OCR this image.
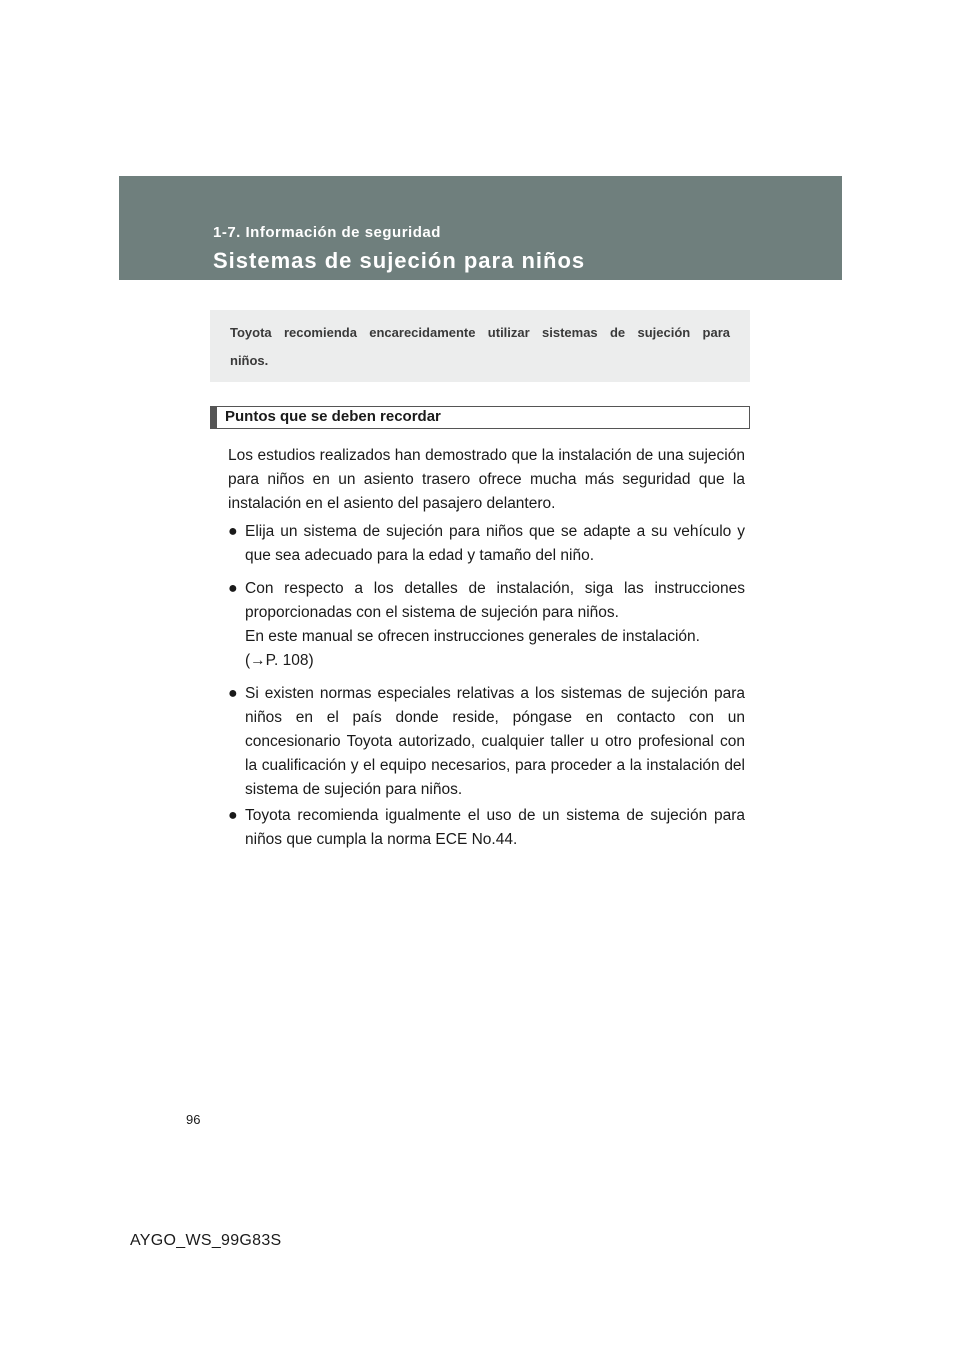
1-7. Información de seguridad
Sistemas de sujeción para niños
Toyota recomienda encarecidamente utilizar sistemas de sujeción para niños.
Puntos que se deben recordar

Los estudios realizados han demostrado que la instalación de una sujeción para niños en un asiento trasero ofrece mucha más seguridad que la instalación en el asiento del pasajero delantero.

● Elija un sistema de sujeción para niños que se adapte a su vehículo y que sea adecuado para la edad y tamaño del niño.
● Con respecto a los detalles de instalación, siga las instrucciones proporcionadas con el sistema de sujeción para niños.
En este manual se ofrecen instrucciones generales de instalación.
(→P. 108)
● Si existen normas especiales relativas a los sistemas de sujeción para niños en el país donde reside, póngase en contacto con un concesionario Toyota autorizado, cualquier taller u otro profesional con la cualificación y el equipo necesarios, para proceder a la instalación del sistema de sujeción para niños.
● Toyota recomienda igualmente el uso de un sistema de sujeción para niños que cumpla la norma ECE No.44.
96
AYGO_WS_99G83S
